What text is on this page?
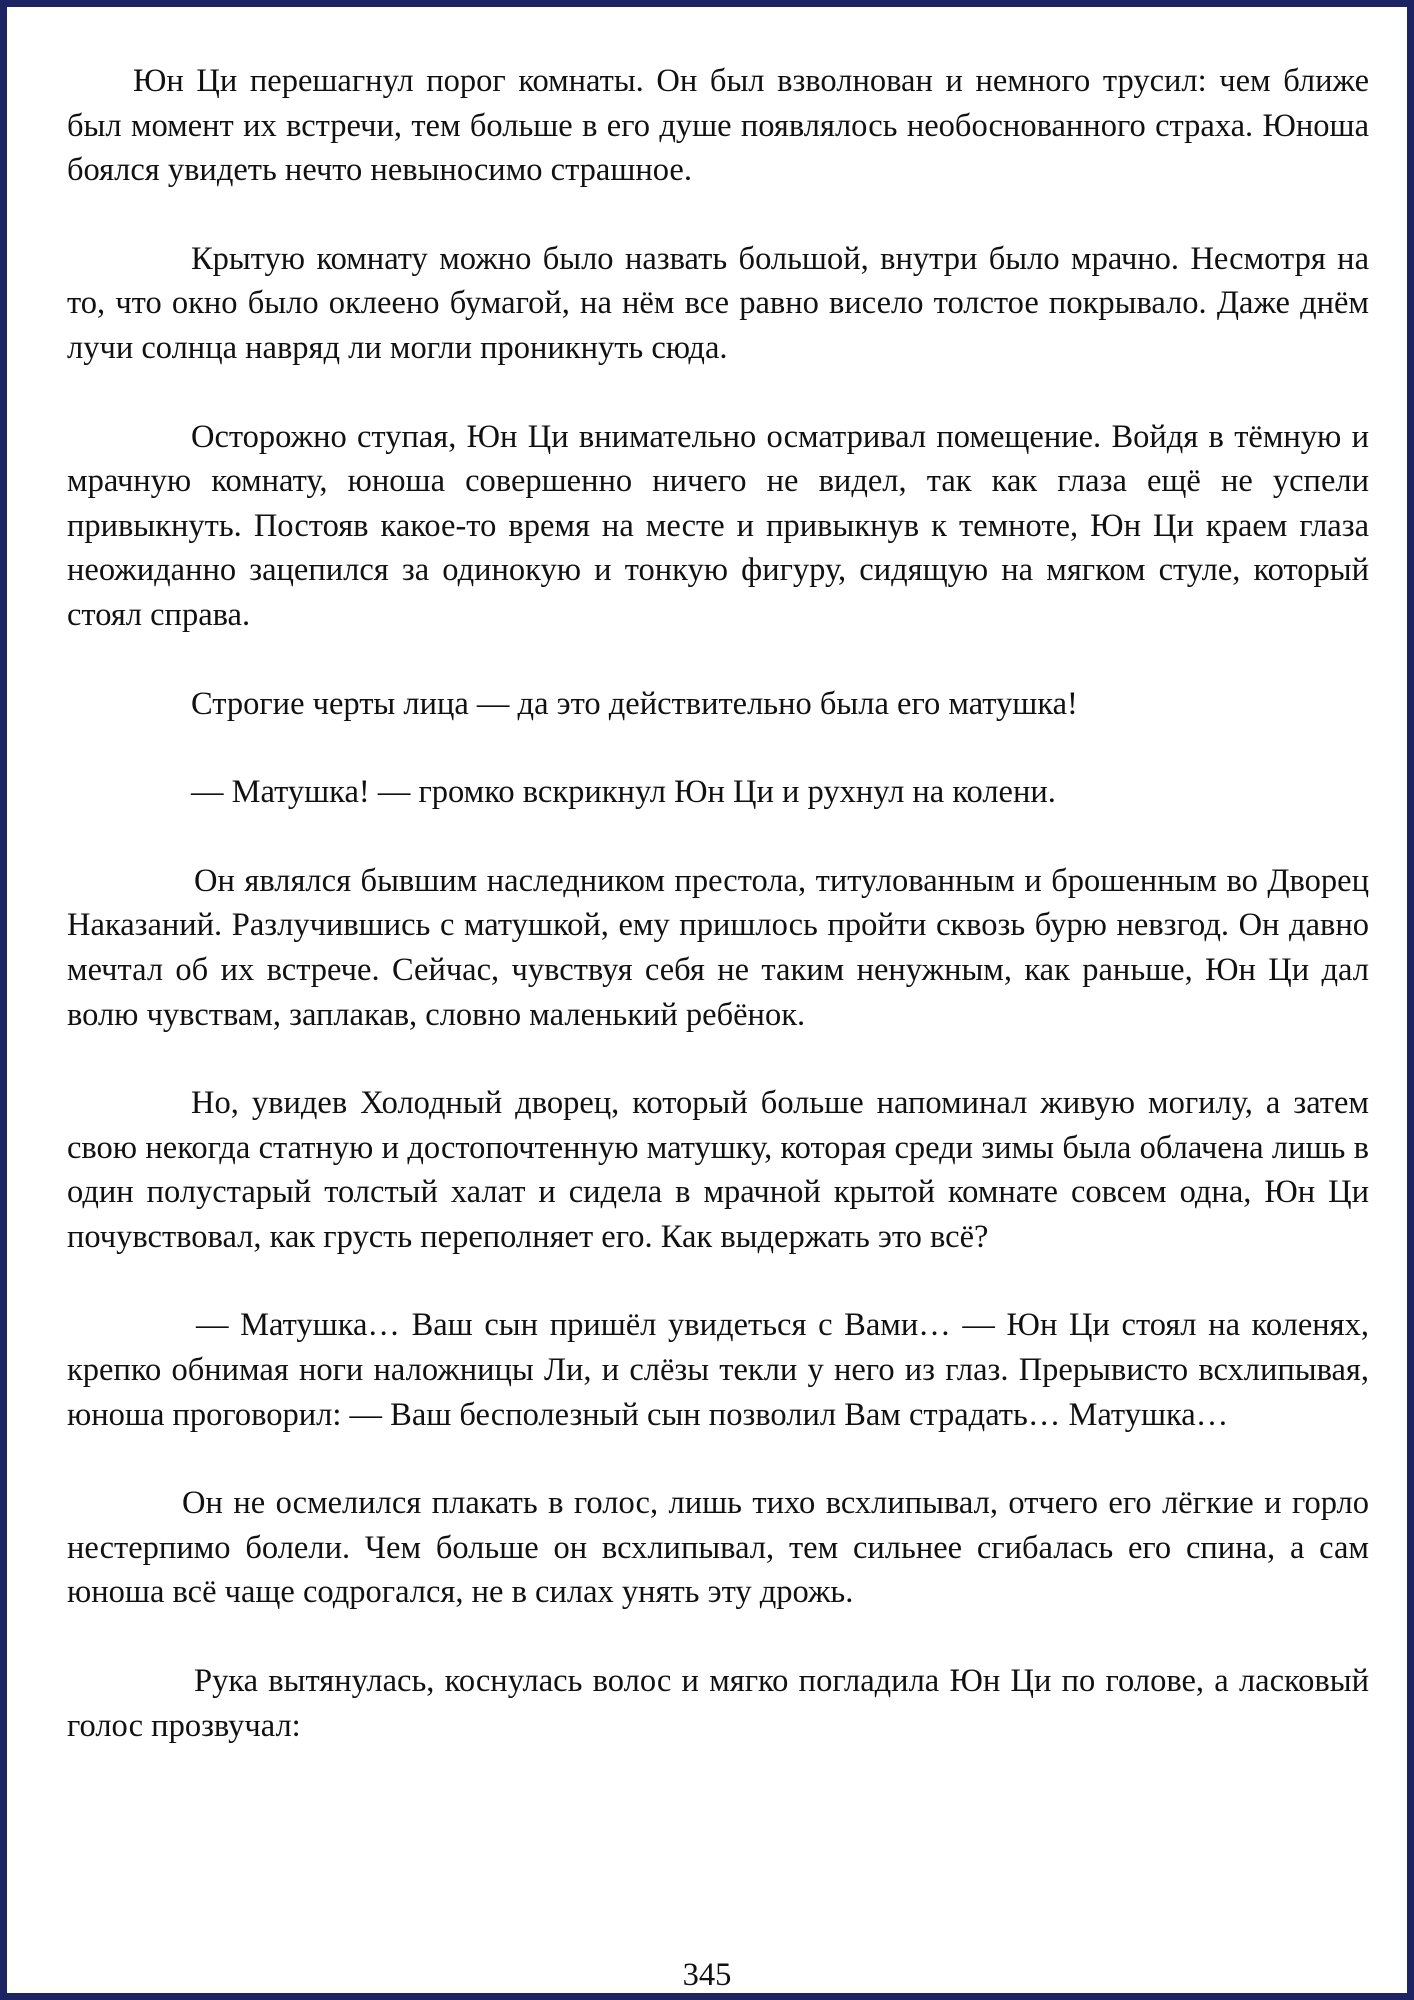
Юн Ци перешагнул порог комнаты. Он был взволнован и немного трусил: чем ближе был момент их встречи, тем больше в его душе появлялось необоснованного страха. Юноша боялся увидеть нечто невыносимо страшное.

Крытую комнату можно было назвать большой, внутри было мрачно. Несмотря на то, что окно было оклеено бумагой, на нём все равно висело толстое покрывало. Даже днём лучи солнца навряд ли могли проникнуть сюда.

Осторожно ступая, Юн Ци внимательно осматривал помещение. Войдя в тёмную и мрачную комнату, юноша совершенно ничего не видел, так как глаза ещё не успели привыкнуть. Постояв какое-то время на месте и привыкнув к темноте, Юн Ци краем глаза неожиданно зацепился за одинокую и тонкую фигуру, сидящую на мягком стуле, который стоял справа.

Строгие черты лица — да это действительно была его матушка!

— Матушка! — громко вскрикнул Юн Ци и рухнул на колени.

Он являлся бывшим наследником престола, титулованным и брошенным во Дворец Наказаний. Разлучившись с матушкой, ему пришлось пройти сквозь бурю невзгод. Он давно мечтал об их встрече. Сейчас, чувствуя себя не таким ненужным, как раньше, Юн Ци дал волю чувствам, заплакав, словно маленький ребёнок.

Но, увидев Холодный дворец, который больше напоминал живую могилу, а затем свою некогда статную и достопочтенную матушку, которая среди зимы была облачена лишь в один полустарый толстый халат и сидела в мрачной крытой комнате совсем одна, Юн Ци почувствовал, как грусть переполняет его. Как выдержать это всё?

— Матушка… Ваш сын пришёл увидеться с Вами… — Юн Ци стоял на коленях, крепко обнимая ноги наложницы Ли, и слёзы текли у него из глаз. Прерывисто всхлипывая, юноша проговорил: — Ваш бесполезный сын позволил Вам страдать… Матушка…

Он не осмелился плакать в голос, лишь тихо всхлипывал, отчего его лёгкие и горло нестерпимо болели. Чем больше он всхлипывал, тем сильнее сгибалась его спина, а сам юноша всё чаще содрогался, не в силах унять эту дрожь.

Рука вытянулась, коснулась волос и мягко погладила Юн Ци по голове, а ласковый голос прозвучал:

345
